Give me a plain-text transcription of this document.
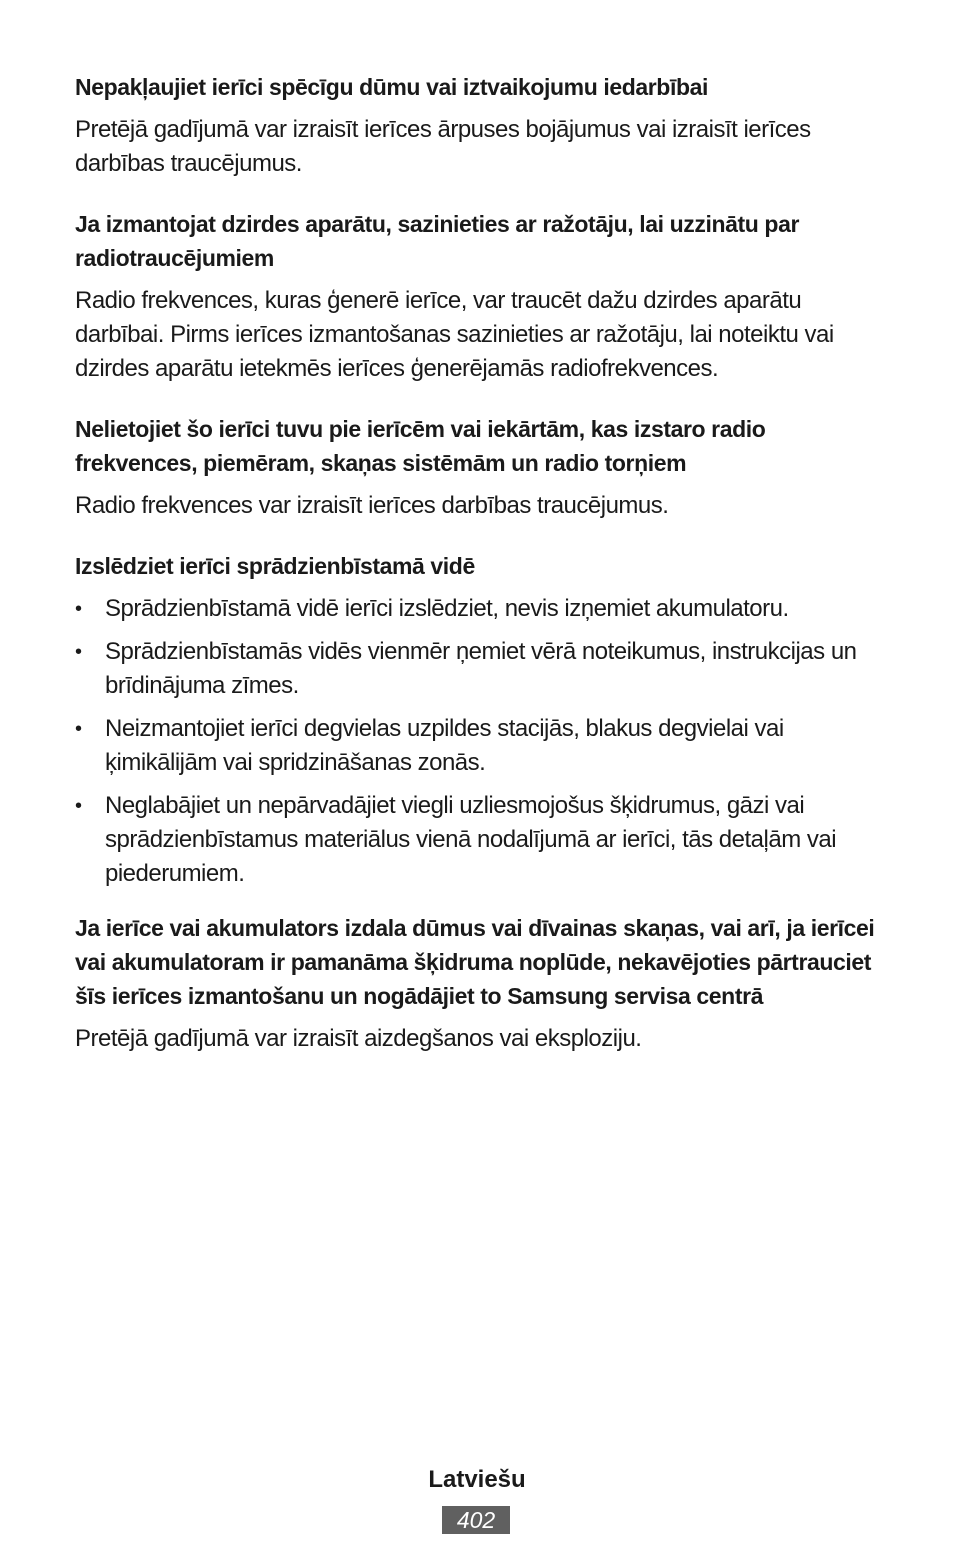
Nepakļaujiet ierīci spēcīgu dūmu vai iztvaikojumu iedarbībai

Pretējā gadījumā var izraisīt ierīces ārpuses bojājumus vai izraisīt ierīces darbības traucējumus.

Ja izmantojat dzirdes aparātu, sazinieties ar ražotāju, lai uzzinātu par radiotraucējumiem

Radio frekvences, kuras ģenerē ierīce, var traucēt dažu dzirdes aparātu darbībai. Pirms ierīces izmantošanas sazinieties ar ražotāju, lai noteiktu vai dzirdes aparātu ietekmēs ierīces ģenerējamās radiofrekvences.

Nelietojiet šo ierīci tuvu pie ierīcēm vai iekārtām, kas izstaro radio frekvences, piemēram, skaņas sistēmām un radio torņiem

Radio frekvences var izraisīt ierīces darbības traucējumus.

Izslēdziet ierīci sprādzienbīstamā vidē

• Sprādzienbīstamā vidē ierīci izslēdziet, nevis izņemiet akumulatoru.
• Sprādzienbīstamās vidēs vienmēr ņemiet vērā noteikumus, instrukcijas un brīdinājuma zīmes.
• Neizmantojiet ierīci degvielas uzpildes stacijās, blakus degvielai vai ķimikālijām vai spridzināšanas zonās.
• Neglabājiet un nepārvadājiet viegli uzliesmojošus šķidrumus, gāzi vai sprādzienbīstamus materiālus vienā nodalījumā ar ierīci, tās detaļām vai piederumiem.

Ja ierīce vai akumulators izdala dūmus vai dīvainas skaņas, vai arī, ja ierīcei vai akumulatoram ir pamanāma šķidruma noplūde, nekavējoties pārtrauciet šīs ierīces izmantošanu un nogādājiet to Samsung servisa centrā

Pretējā gadījumā var izraisīt aizdegšanos vai eksploziju.

Latviešu
402
